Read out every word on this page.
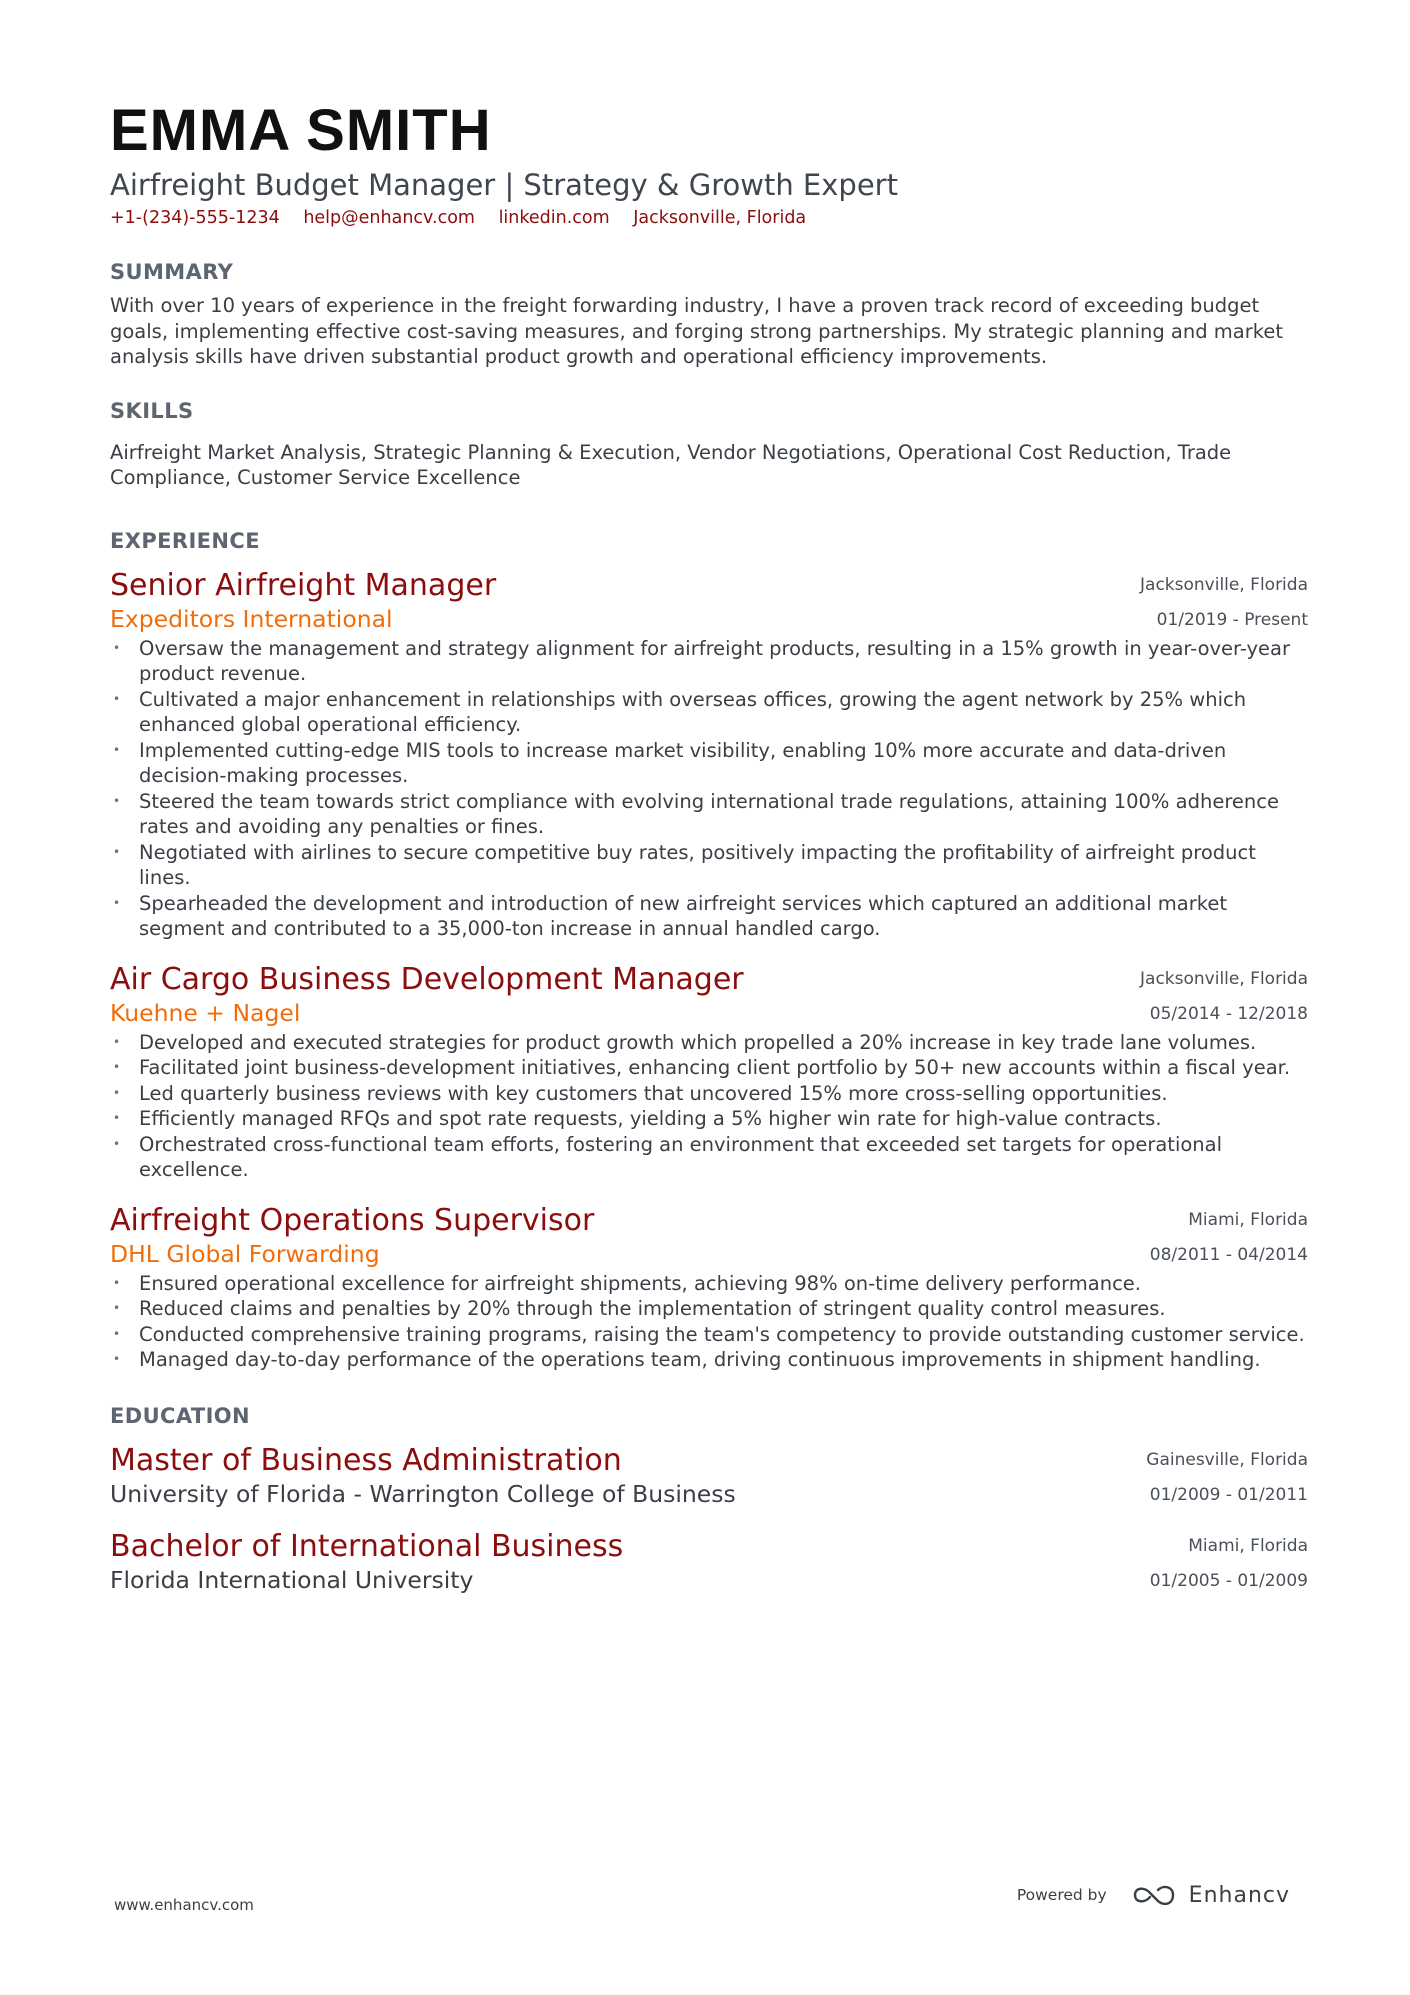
EMMA SMITH
Airfreight Budget Manager | Strategy & Growth Expert
+1-(234)-555-1234 help@enhancv.com linkedin.com Jacksonville, Florida
SUMMARY
With over 10 years of experience in the freight forwarding industry, I have a proven track record of exceeding budget goals, implementing effective cost-saving measures, and forging strong partnerships. My strategic planning and market analysis skills have driven substantial product growth and operational efficiency improvements.
SKILLS
Airfreight Market Analysis, Strategic Planning & Execution, Vendor Negotiations, Operational Cost Reduction, Trade Compliance, Customer Service Excellence
EXPERIENCE
Jacksonville, Florida
01/2019 - Present
Senior Airfreight Manager
Expeditors International
• Oversaw the management and strategy alignment for airfreight products, resulting in a 15% growth in year-over-year product revenue.
• Cultivated a major enhancement in relationships with overseas offices, growing the agent network by 25% which enhanced global operational efficiency.
• Implemented cutting-edge MIS tools to increase market visibility, enabling 10% more accurate and data-driven decision-making processes.
• Steered the team towards strict compliance with evolving international trade regulations, attaining 100% adherence rates and avoiding any penalties or fines.
• Negotiated with airlines to secure competitive buy rates, positively impacting the profitability of airfreight product lines.
• Spearheaded the development and introduction of new airfreight services which captured an additional market segment and contributed to a 35,000-ton increase in annual handled cargo.
Jacksonville, Florida
05/2014 - 12/2018
Air Cargo Business Development Manager
Kuehne + Nagel
• Developed and executed strategies for product growth which propelled a 20% increase in key trade lane volumes.
• Facilitated joint business-development initiatives, enhancing client portfolio by 50+ new accounts within a fiscal year.
• Led quarterly business reviews with key customers that uncovered 15% more cross-selling opportunities.
• Efficiently managed RFQs and spot rate requests, yielding a 5% higher win rate for high-value contracts.
• Orchestrated cross-functional team efforts, fostering an environment that exceeded set targets for operational excellence.
Miami, Florida
08/2011 - 04/2014
Airfreight Operations Supervisor
DHL Global Forwarding
• Ensured operational excellence for airfreight shipments, achieving 98% on-time delivery performance.
• Reduced claims and penalties by 20% through the implementation of stringent quality control measures.
• Conducted comprehensive training programs, raising the team's competency to provide outstanding customer service.
• Managed day-to-day performance of the operations team, driving continuous improvements in shipment handling.
EDUCATION
Gainesville, Florida
01/2009 - 01/2011
Master of Business Administration
University of Florida - Warrington College of Business
Miami, Florida
01/2005 - 01/2009
Bachelor of International Business
Florida International University
www.enhancv.com
Powered by	Enhancv
